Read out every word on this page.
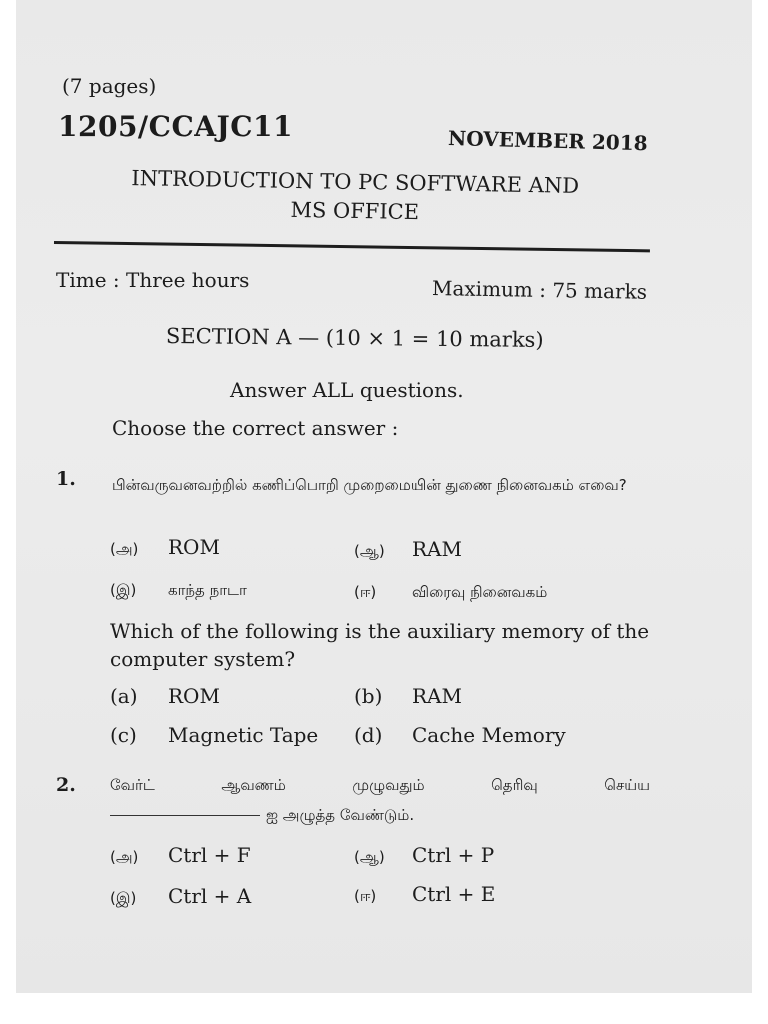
(7 pages)
1205/CCAJC11	NOVEMBER 2018
INTRODUCTION TO PC SOFTWARE AND MS OFFICE
Time : Three hours	Maximum : 75 marks
SECTION A — (10 × 1 = 10 marks)
Answer ALL questions.
Choose the correct answer :
1. பின்வருவனவற்றில் கணிப்பொறி முறைமையின் துணை நினைவகம் எவை?
(அ) ROM	(ஆ) RAM
(இ) காந்த நாடா	(ஈ) விரைவு நினைவகம்
Which of the following is the auxiliary memory of the computer system?
(a) ROM	(b) RAM
(c) Magnetic Tape (d) Cache Memory
2. வேர்ட் ஆவணம் முழுவதும் தெரிவு செய்ய
ஐ அழுத்த வேண்டும்.
(அ) Ctrl + F	(ஆ) Ctrl + P
(இ) Ctrl + A	(ஈ) Ctrl + E
